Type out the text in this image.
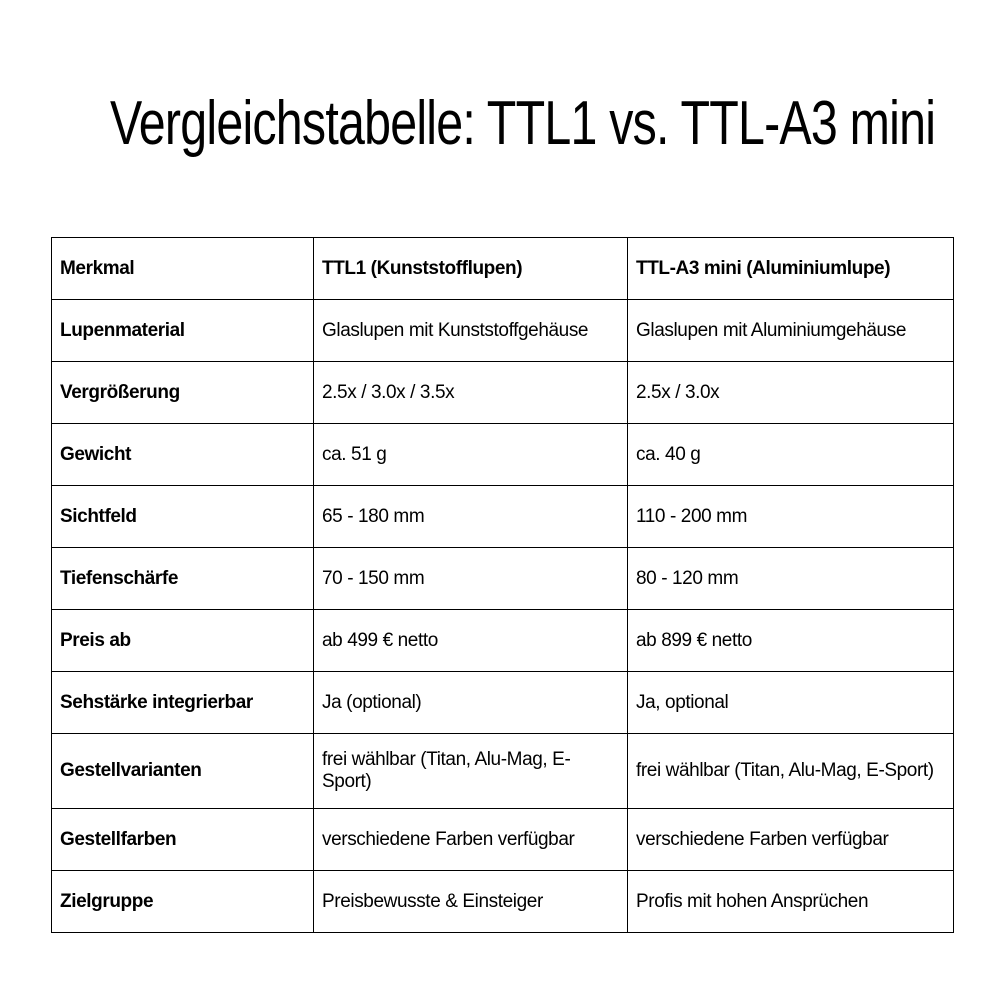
Vergleichstabelle: TTL1 vs. TTL-A3 mini
Merkmal	TTL1 (Kunststofflupen)	TTL-A3 mini (Aluminiumlupe)
Lupenmaterial	Glaslupen mit Kunststoffgehäuse	Glaslupen mit Aluminiumgehäuse
Vergrößerung	2.5x / 3.0x / 3.5x	2.5x / 3.0x
Gewicht	ca. 51 g	ca. 40 g
Sichtfeld	65 - 180 mm	110 - 200 mm
Tiefenschärfe	70 - 150 mm	80 - 120 mm
Preis ab	ab 499 € netto	ab 899 € netto
Sehstärke integrierbar	Ja (optional)	Ja, optional
Gestellvarianten	frei wählbar (Titan, Alu-Mag, E-Sport)	frei wählbar (Titan, Alu-Mag, E-Sport)
Gestellfarben	verschiedene Farben verfügbar	verschiedene Farben verfügbar
Zielgruppe	Preisbewusste & Einsteiger	Profis mit hohen Ansprüchen
